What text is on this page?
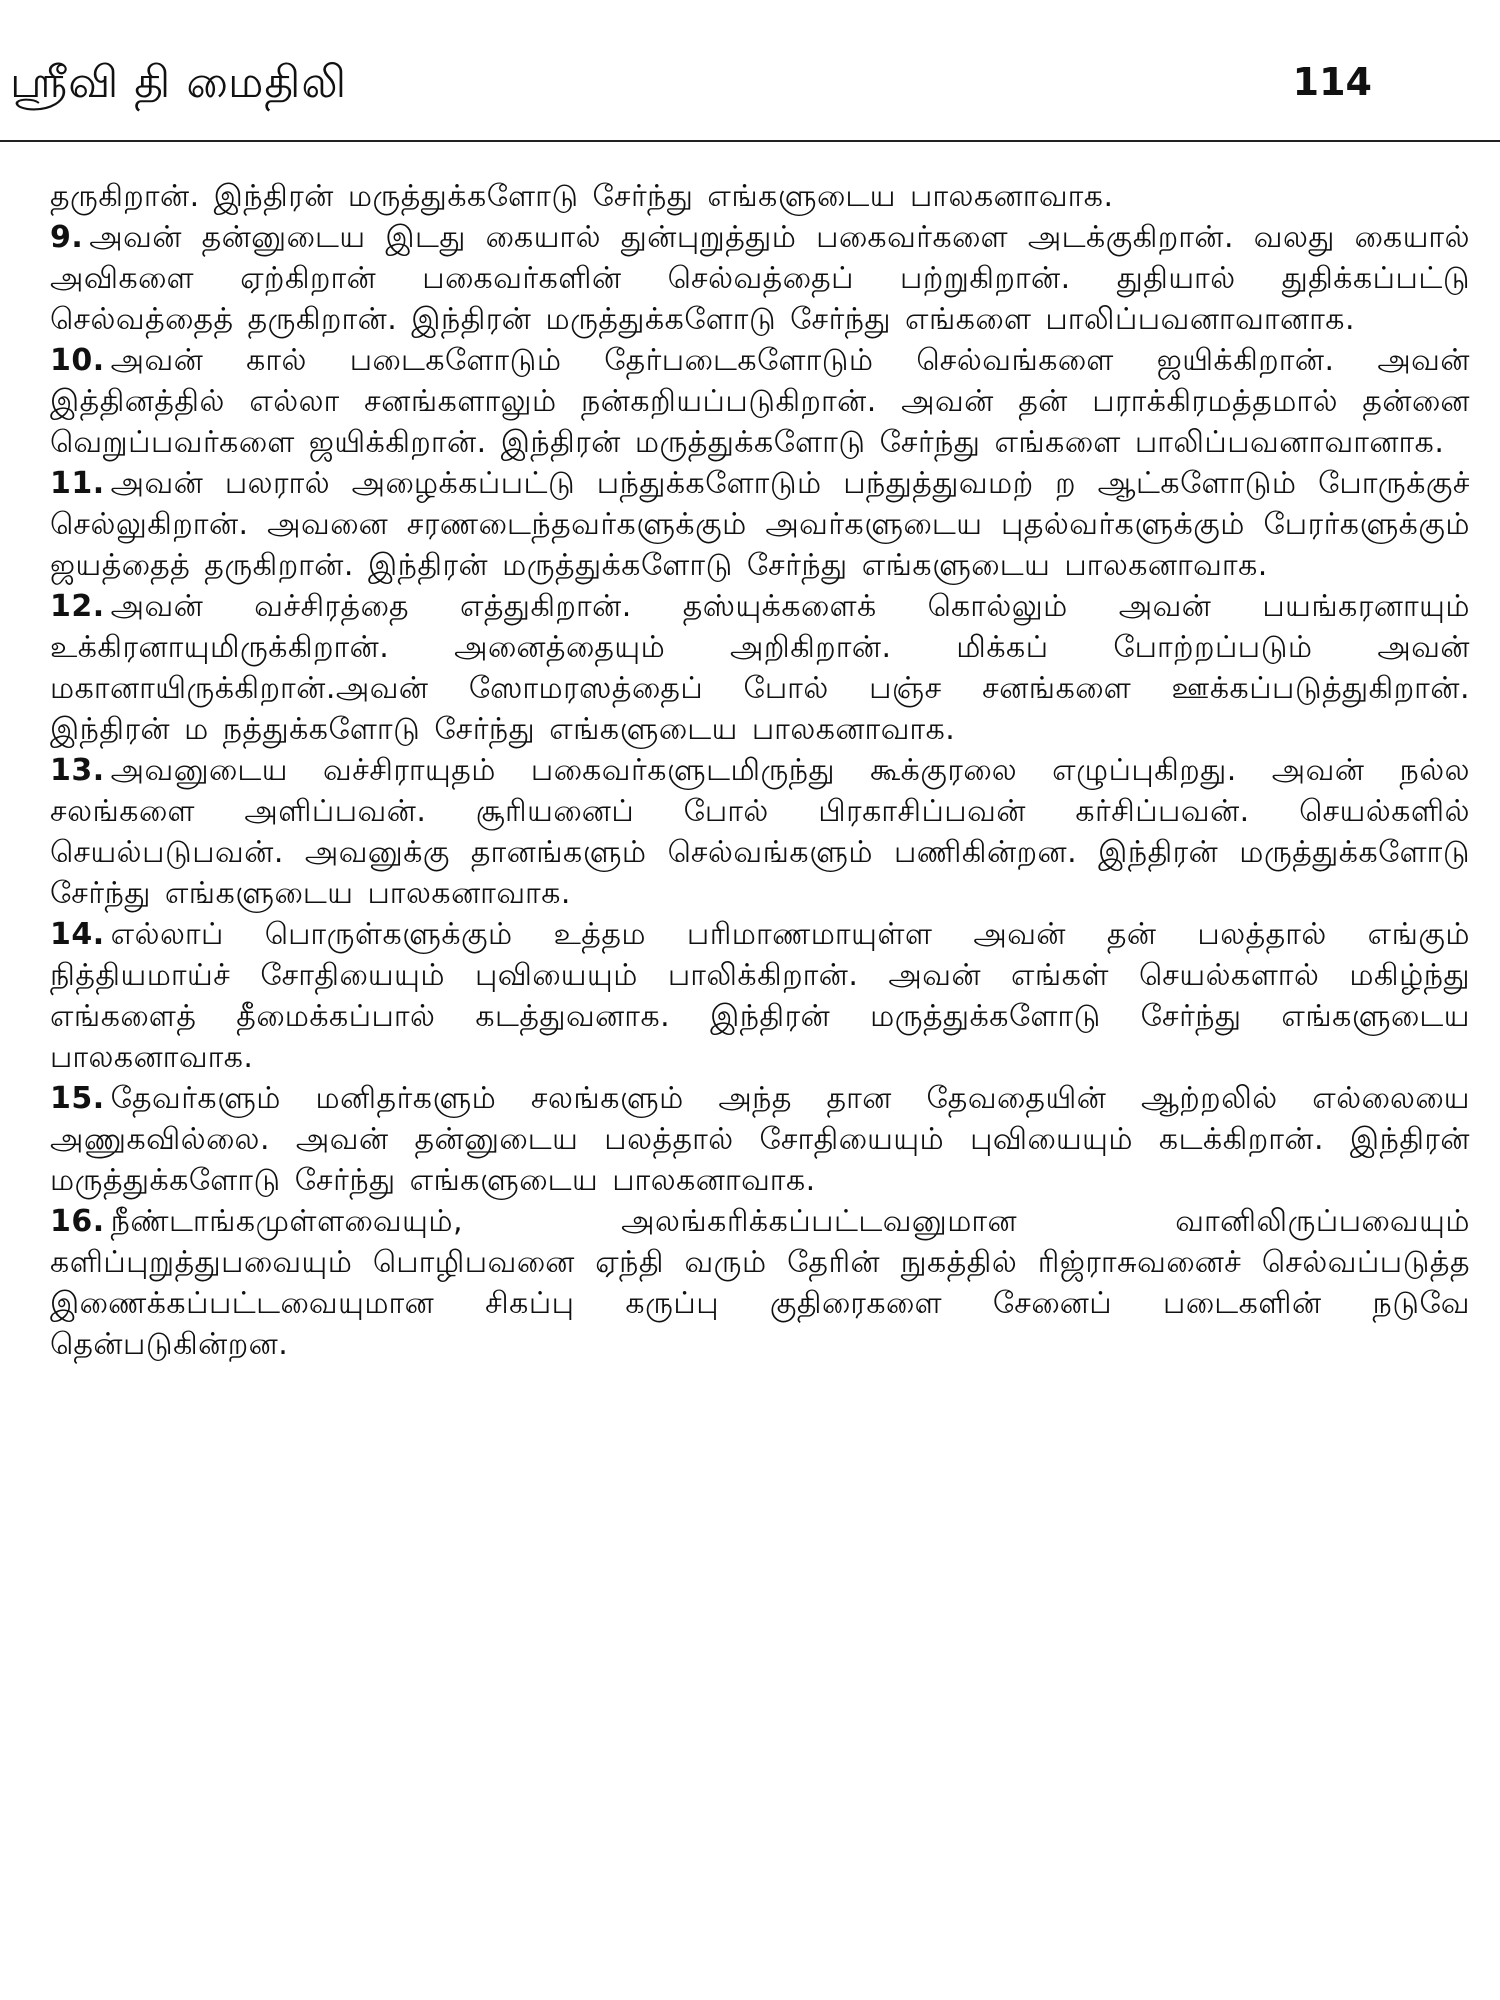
ஸ்ரீவி தி மைதிலி	114

தருகிறான். இந்திரன் மருத்துக்களோடு சேர்ந்து எங்களுடைய பாலகனாவாக.

9. அவன் தன்னுடைய இடது கையால் துன்புறுத்தும் பகைவர்களை அடக்குகிறான். வலது கையால் அவிகளை ஏற்கிறான் பகைவர்களின் செல்வத்தைப் பற்றுகிறான். துதியால் துதிக்கப்பட்டு செல்வத்தைத் தருகிறான். இந்திரன் மருத்துக்களோடு சேர்ந்து எங்களை பாலிப்பவனாவானாக.

10. அவன் கால் படைகளோடும் தேர்படைகளோடும் செல்வங்களை ஜயிக்கிறான். அவன் இத்தினத்தில் எல்லா சனங்களாலும் நன்கறியப்படுகிறான். அவன் தன் பராக்கிரமத்தமால் தன்னை வெறுப்பவர்களை ஜயிக்கிறான். இந்திரன் மருத்துக்களோடு சேர்ந்து எங்களை பாலிப்பவனாவானாக.

11. அவன் பலரால் அழைக்கப்பட்டு பந்துக்களோடும் பந்துத்துவமற் ற ஆட்களோடும் போருக்குச் செல்லுகிறான். அவனை சரணடைந்தவர்களுக்கும் அவர்களுடைய புதல்வர்களுக்கும் பேரர்களுக்கும் ஜயத்தைத் தருகிறான். இந்திரன் மருத்துக்களோடு சேர்ந்து எங்களுடைய பாலகனாவாக.

12. அவன் வச்சிரத்தை எத்துகிறான். தஸ்யுக்களைக் கொல்லும் அவன் பயங்கரனாயும் உக்கிரனாயுமிருக்கிறான். அனைத்தையும் அறிகிறான். மிக்கப் போற்றப்படும் அவன் மகானாயிருக்கிறான்.அவன் ஸோமரஸத்தைப் போல் பஞ்ச சனங்களை ஊக்கப்படுத்துகிறான். இந்திரன் ம நத்துக்களோடு சேர்ந்து எங்களுடைய பாலகனாவாக.

13. அவனுடைய வச்சிராயுதம் பகைவர்களுடமிருந்து கூக்குரலை எழுப்புகிறது. அவன் நல்ல சலங்களை அளிப்பவன். சூரியனைப் போல் பிரகாசிப்பவன் கர்சிப்பவன். செயல்களில் செயல்படுபவன். அவனுக்கு தானங்களும் செல்வங்களும் பணிகின்றன. இந்திரன் மருத்துக்களோடு சேர்ந்து எங்களுடைய பாலகனாவாக.

14. எல்லாப் பொருள்களுக்கும் உத்தம பரிமாணமாயுள்ள அவன் தன் பலத்தால் எங்கும் நித்தியமாய்ச் சோதியையும் புவியையும் பாலிக்கிறான். அவன் எங்கள் செயல்களால் மகிழ்ந்து எங்களைத் தீமைக்கப்பால் கடத்துவனாக. இந்திரன் மருத்துக்களோடு சேர்ந்து எங்களுடைய பாலகனாவாக.

15. தேவர்களும் மனிதர்களும் சலங்களும் அந்த தான தேவதையின் ஆற்றலில் எல்லையை அணுகவில்லை. அவன் தன்னுடைய பலத்தால் சோதியையும் புவியையும் கடக்கிறான். இந்திரன் மருத்துக்களோடு சேர்ந்து எங்களுடைய பாலகனாவாக.

16. நீண்டாங்கமுள்ளவையும், அலங்கரிக்கப்பட்டவனுமான வானிலிருப்பவையும் களிப்புறுத்துபவையும் பொழிபவனை ஏந்தி வரும் தேரின் நுகத்தில் ரிஜ்ராசுவனைச் செல்வப்படுத்த இணைக்கப்பட்டவையுமான சிகப்பு கருப்பு குதிரைகளை சேனைப் படைகளின் நடுவே தென்படுகின்றன.
